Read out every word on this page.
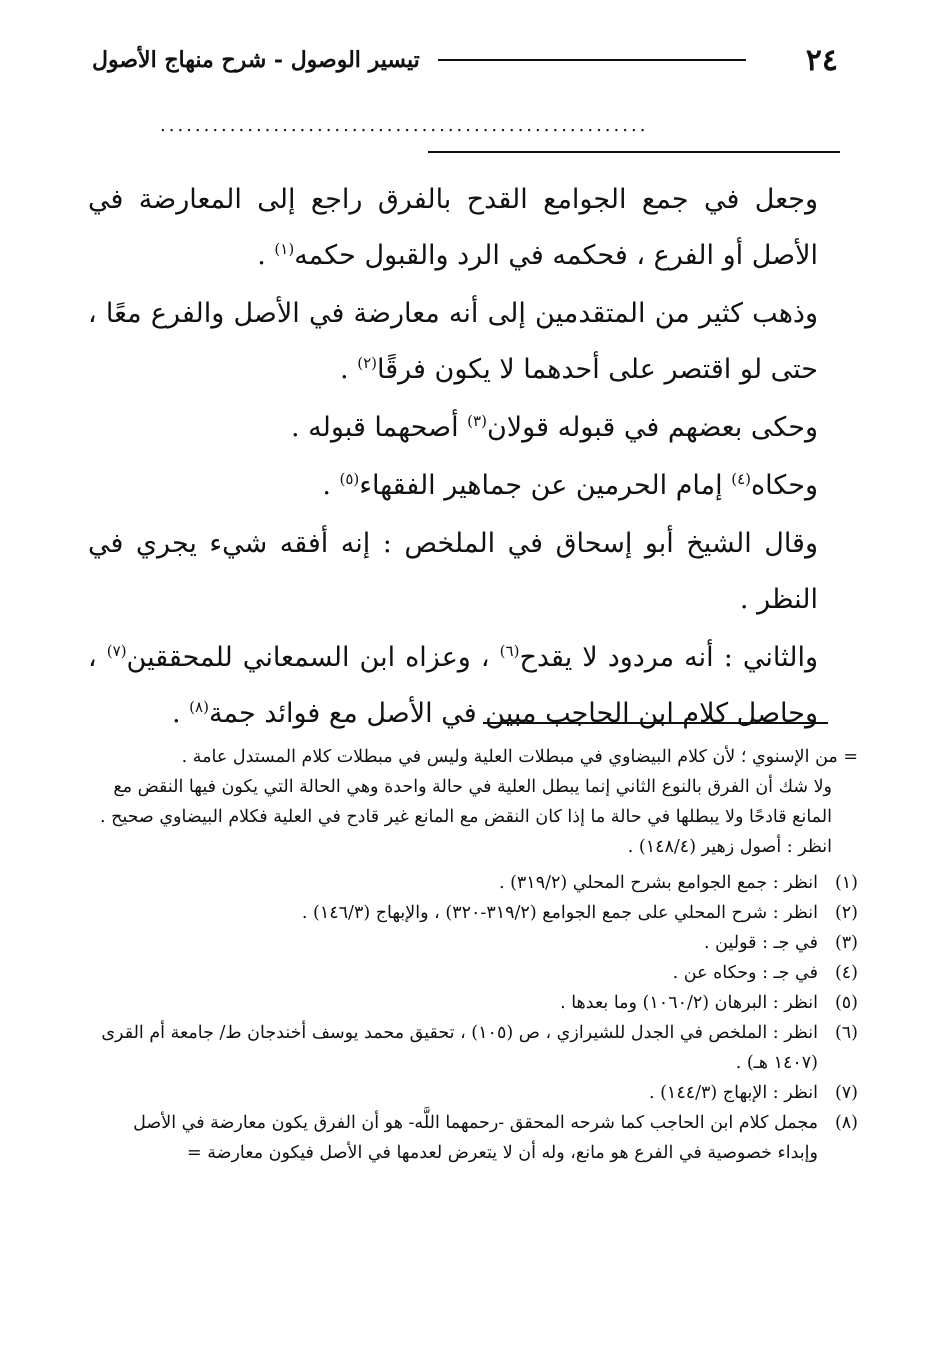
٢٤
تيسير الوصول - شرح منهاج الأصول
........................................................

وجعل في جمع الجوامع القدح بالفرق راجع إلى المعارضة في الأصل أو الفرع ، فحكمه في الرد والقبول حكمه$^{(١)}$ .

وذهب كثير من المتقدمين إلى أنه معارضة في الأصل والفرع معًا ، حتى لو اقتصر على أحدهما لا يكون فرقًا$^{(٢)}$ .

وحكى بعضهم في قبوله قولان$^{(٣)}$ أصحهما قبوله .

وحكاه$^{(٤)}$ إمام الحرمين عن جماهير الفقهاء$^{(٥)}$ .

وقال الشيخ أبو إسحاق في الملخص : إنه أفقه شيء يجري في النظر .

والثاني : أنه مردود لا يقدح$^{(٦)}$ ، وعزاه ابن السمعاني للمحققين$^{(٧)}$ ، وحاصل كلام ابن الحاجب مبين في الأصل مع فوائد جمة$^{(٨)}$ .

= من الإسنوي ؛ لأن كلام البيضاوي في مبطلات العلية وليس في مبطلات كلام المستدل عامة .
ولا شك أن الفرق بالنوع الثاني إنما يبطل العلية في حالة واحدة وهي الحالة التي يكون فيها النقض مع المانع قادحًا ولا يبطلها في حالة ما إذا كان النقض مع المانع غير قادح في العلية فكلام البيضاوي صحيح .
انظر : أصول زهير (١٤٨/٤) .
(١)
انظر : جمع الجوامع بشرح المحلي (٣١٩/٢) .
(٢)
انظر : شرح المحلي على جمع الجوامع (٣١٩/٢-٣٢٠) ، والإبهاج (١٤٦/٣) .
(٣)
في جـ : قولين .
(٤)
في جـ : وحكاه عن .
(٥)
انظر : البرهان (١٠٦٠/٢) وما بعدها .
(٦)
انظر : الملخص في الجدل للشيرازي ، ص (١٠٥) ، تحقيق محمد يوسف أخندجان ط/ جامعة أم القرى (١٤٠٧ هـ) .
(٧)
انظر : الإبهاج (١٤٤/٣) .
(٨)
مجمل كلام ابن الحاجب كما شرحه المحقق -رحمهما اللَّه- هو أن الفرق يكون معارضة في الأصل وإبداء خصوصية في الفرع هو مانع، وله أن لا يتعرض لعدمها في الأصل فيكون معارضة =
